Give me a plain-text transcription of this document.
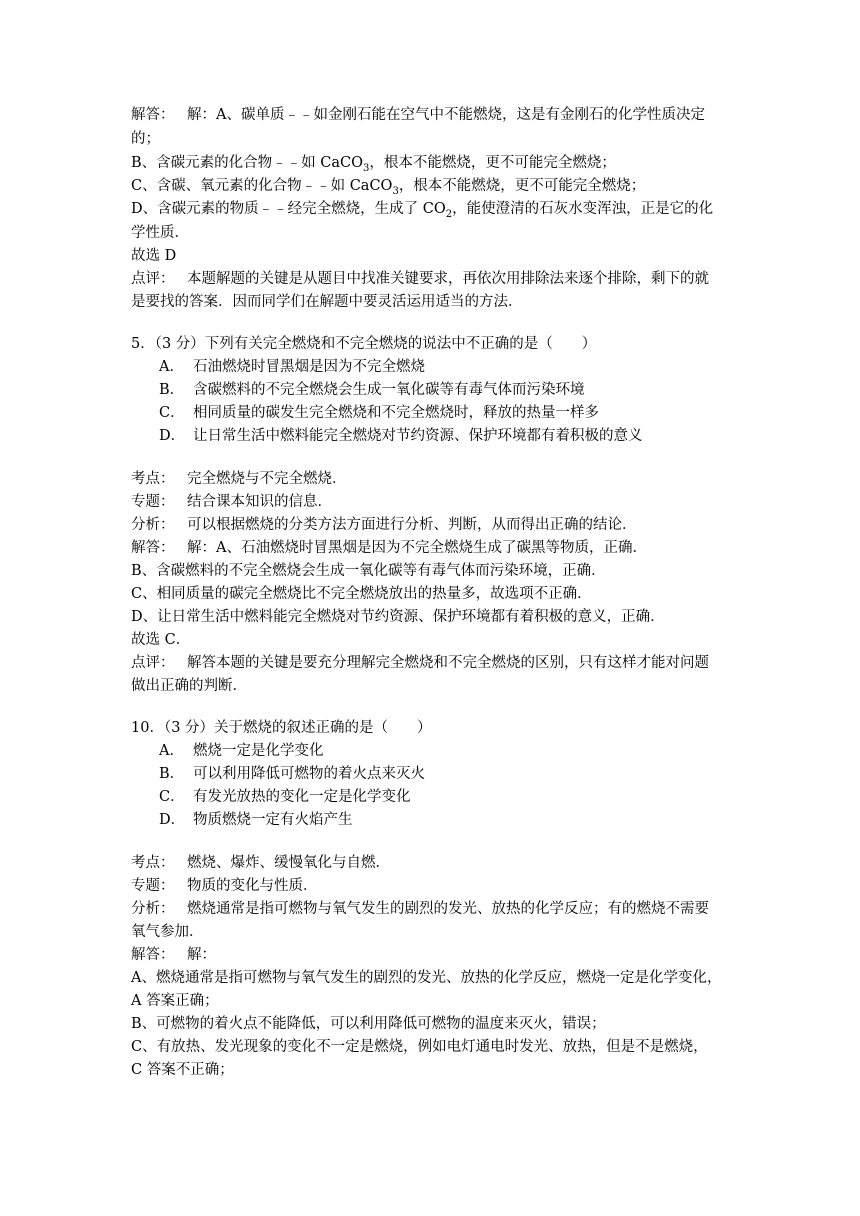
解答： 解：A、碳单质﹣﹣如金刚石能在空气中不能燃烧，这是有金刚石的化学性质决定
的；
B、含碳元素的化合物﹣﹣如 CaCO$_3$，根本不能燃烧，更不可能完全燃烧；
C、含碳、氧元素的化合物﹣﹣如 CaCO$_3$，根本不能燃烧，更不可能完全燃烧；
D、含碳元素的物质﹣﹣经完全燃烧，生成了 $CO_2$，能使澄清的石灰水变浑浊，正是它的化
学性质．
故选 D
点评： 本题解题的关键是从题目中找准关键要求，再依次用排除法来逐个排除，剩下的就
是要找的答案．因而同学们在解题中要灵活运用适当的方法．
5．（3 分）下列有关完全燃烧和不完全燃烧的说法中不正确的是（　　）
A． 石油燃烧时冒黑烟是因为不完全燃烧
B． 含碳燃料的不完全燃烧会生成一氧化碳等有毒气体而污染环境
C． 相同质量的碳发生完全燃烧和不完全燃烧时，释放的热量一样多
D． 让日常生活中燃料能完全燃烧对节约资源、保护环境都有着积极的意义
考点： 完全燃烧与不完全燃烧．
专题： 结合课本知识的信息．
分析： 可以根据燃烧的分类方法方面进行分析、判断，从而得出正确的结论．
解答： 解：A、石油燃烧时冒黑烟是因为不完全燃烧生成了碳黑等物质，正确．
B、含碳燃料的不完全燃烧会生成一氧化碳等有毒气体而污染环境，正确．
C、相同质量的碳完全燃烧比不完全燃烧放出的热量多，故选项不正确．
D、让日常生活中燃料能完全燃烧对节约资源、保护环境都有着积极的意义，正确．
故选 C．
点评： 解答本题的关键是要充分理解完全燃烧和不完全燃烧的区别，只有这样才能对问题
做出正确的判断．
10．（3 分）关于燃烧的叙述正确的是（　　）
A． 燃烧一定是化学变化
B． 可以利用降低可燃物的着火点来灭火
C． 有发光放热的变化一定是化学变化
D． 物质燃烧一定有火焰产生
考点： 燃烧、爆炸、缓慢氧化与自燃．
专题： 物质的变化与性质．
分析： 燃烧通常是指可燃物与氧气发生的剧烈的发光、放热的化学反应；有的燃烧不需要
氧气参加．
解答： 解：
A、燃烧通常是指可燃物与氧气发生的剧烈的发光、放热的化学反应，燃烧一定是化学变化，
A 答案正确；
B、可燃物的着火点不能降低，可以利用降低可燃物的温度来灭火，错误；
C、有放热、发光现象的变化不一定是燃烧，例如电灯通电时发光、放热，但是不是燃烧，
C 答案不正确；
